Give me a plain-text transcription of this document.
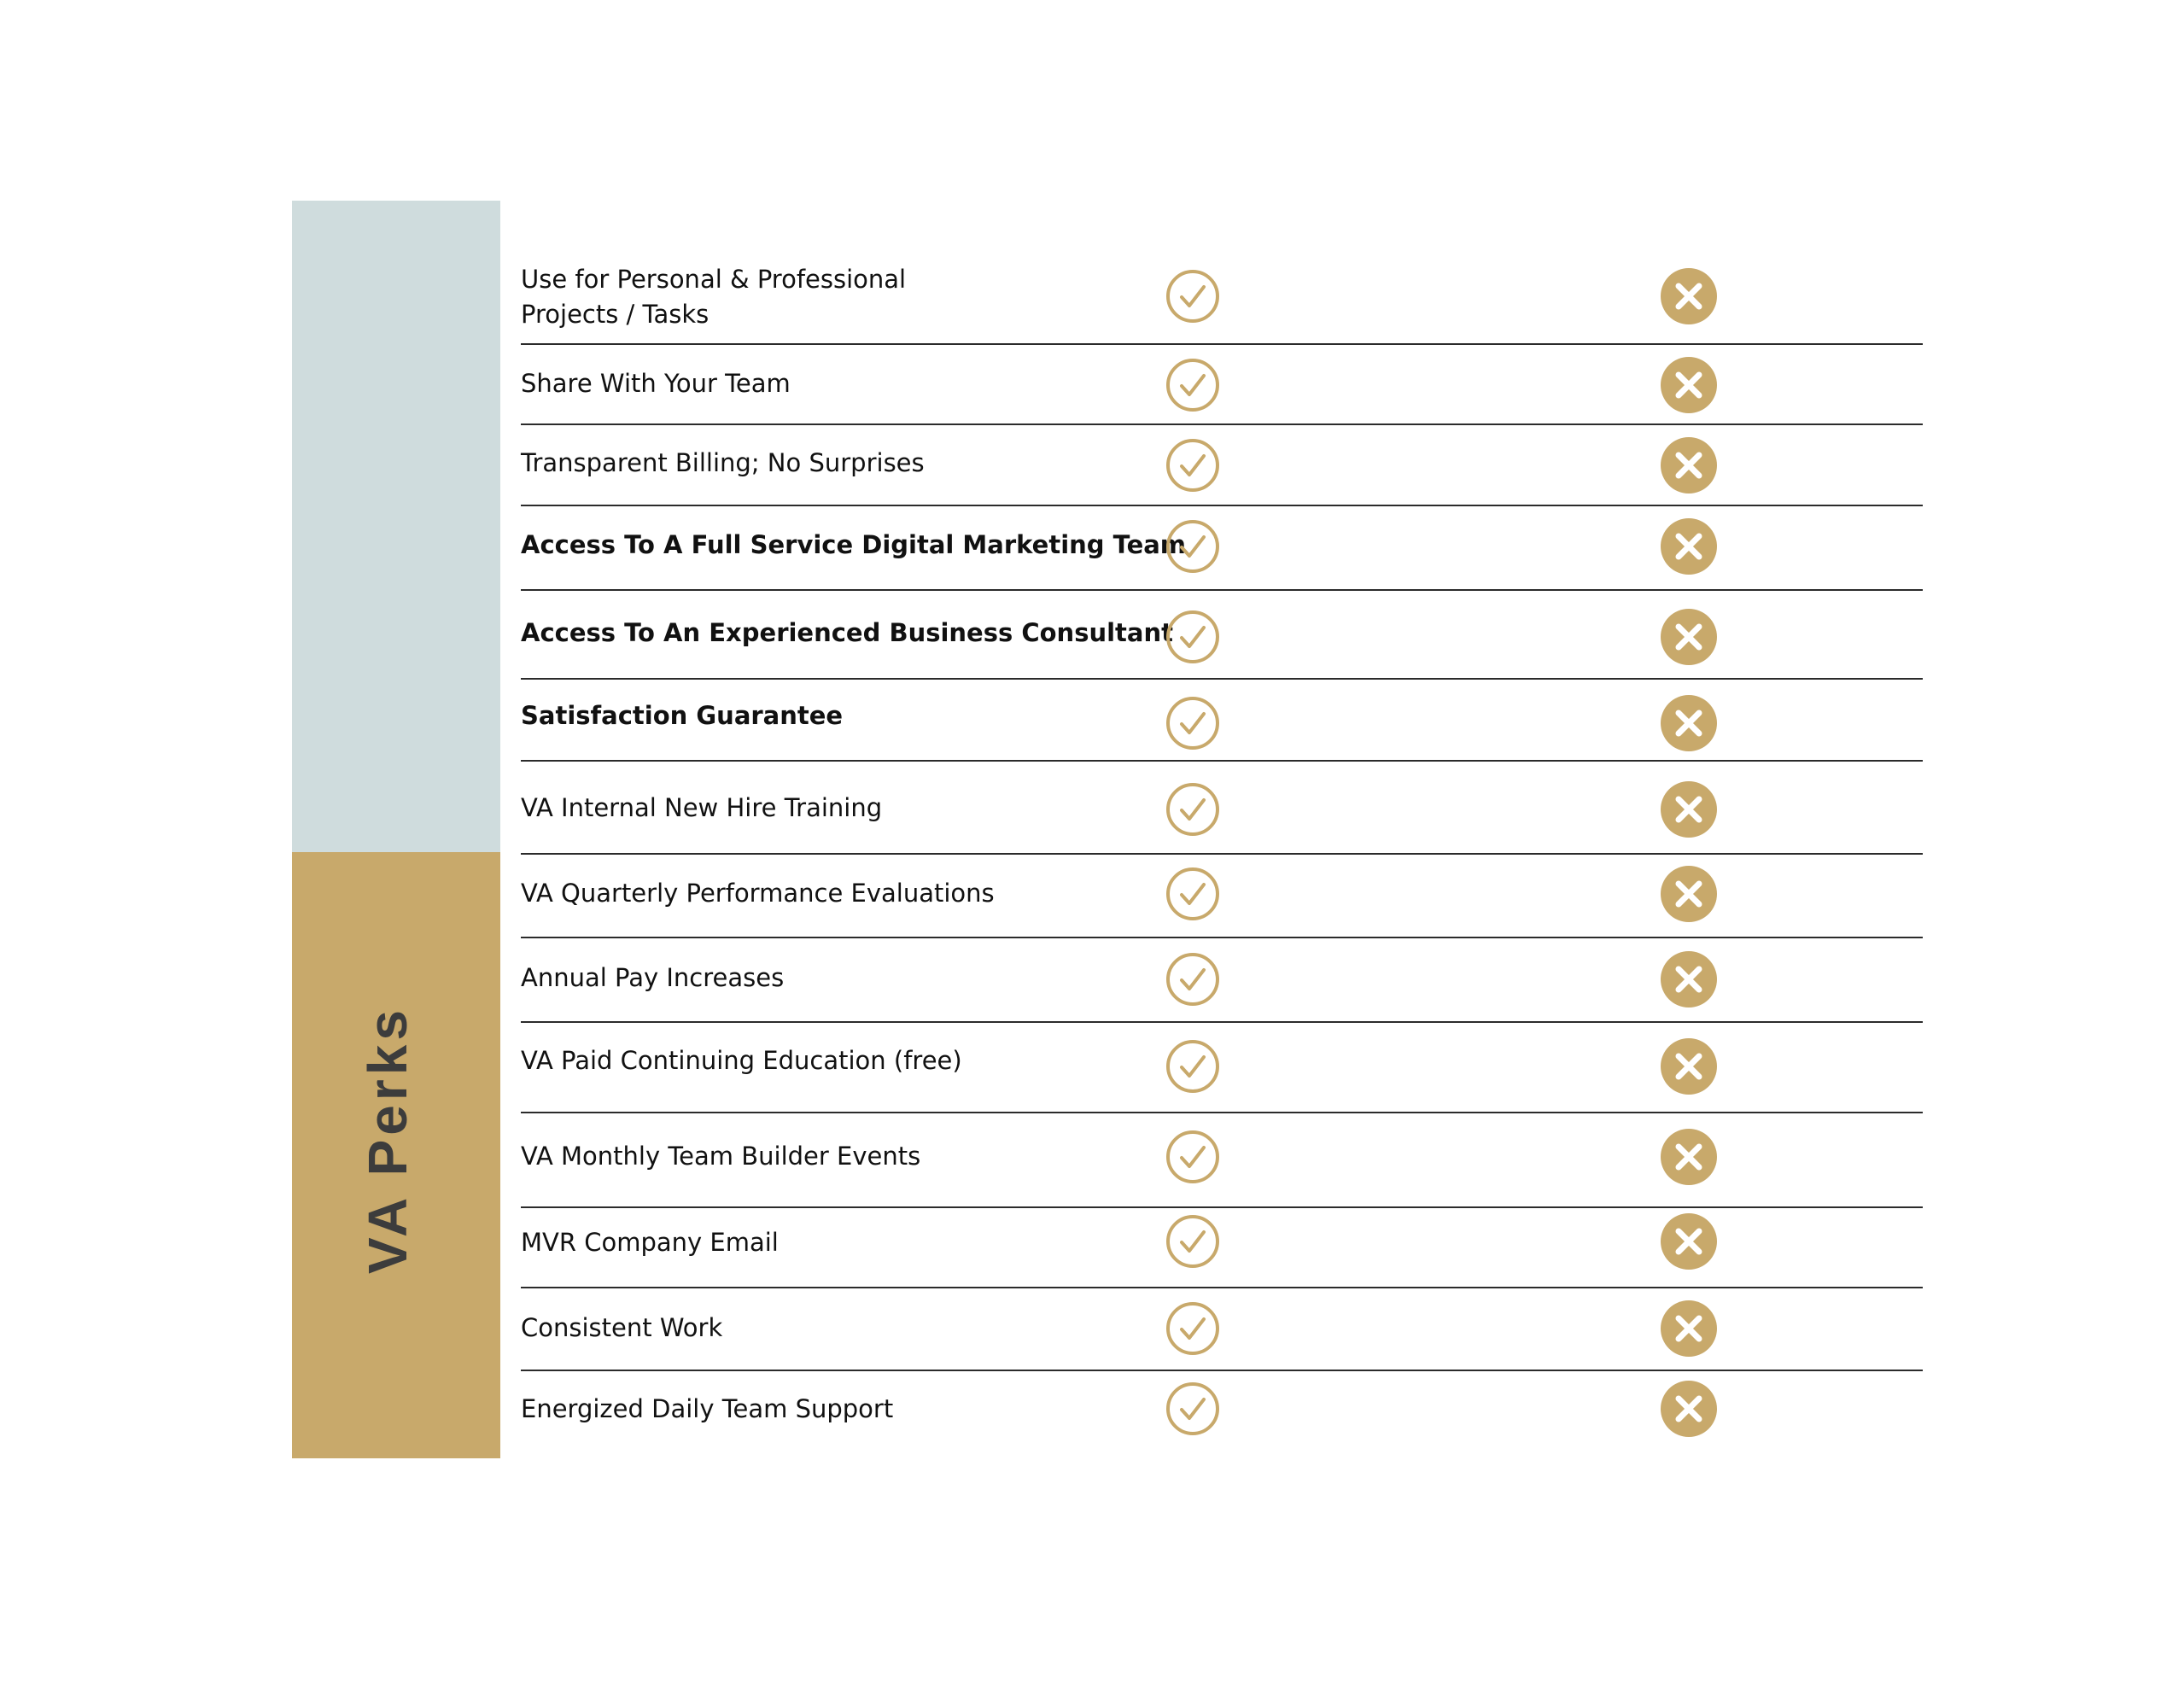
VA Perks
Use for Personal & Professional
Projects / Tasks
Share With Your Team
Transparent Billing; No Surprises
Access To A Full Service Digital Marketing Team
Access To An Experienced Business Consultant
Satisfaction Guarantee
VA Internal New Hire Training
VA Quarterly Performance Evaluations
Annual Pay Increases
VA Paid Continuing Education (free)
VA Monthly Team Builder Events
MVR Company Email
Consistent Work
Energized Daily Team Support
